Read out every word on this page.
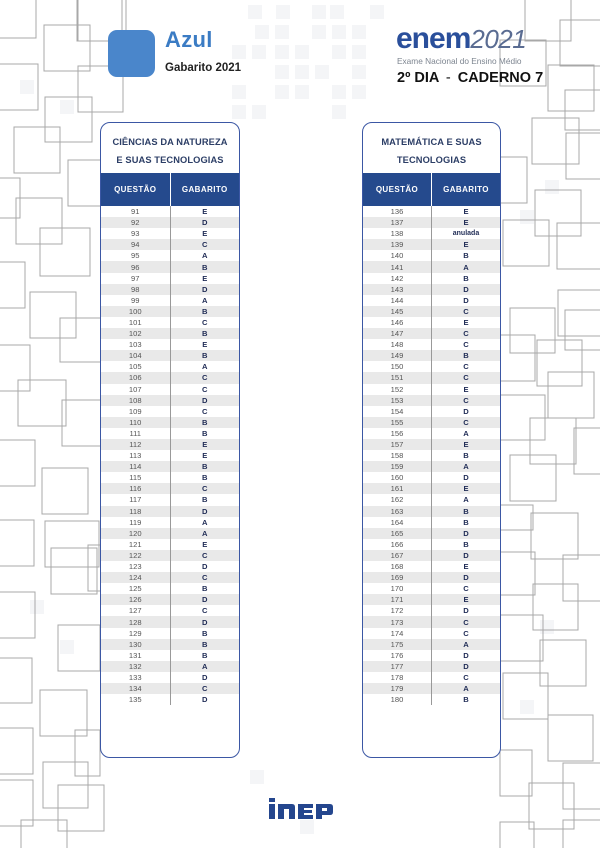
Azul
Gabarito 2021
enem2021
Exame Nacional do Ensino Médio
2º DIA - CADERNO 7
CIÊNCIAS DA NATUREZA
E SUAS TECNOLOGIAS
QUESTÃO	GABARITO
91	E
92	D
93	E
94	C
95	A
96	B
97	E
98	D
99	A
100	B
101	C
102	B
103	E
104	B
105	A
106	C
107	C
108	D
109	C
110	B
111	B
112	E
113	E
114	B
115	B
116	C
117	B
118	D
119	A
120	A
121	E
122	C
123	D
124	C
125	B
126	D
127	C
128	D
129	B
130	B
131	B
132	A
133	D
134	C
135	D
MATEMÁTICA E SUAS
TECNOLOGIAS
QUESTÃO	GABARITO
136	E
137	E
138	anulada
139	E
140	B
141	A
142	B
143	D
144	D
145	C
146	E
147	C
148	C
149	B
150	C
151	C
152	E
153	C
154	D
155	C
156	A
157	E
158	B
159	A
160	D
161	E
162	A
163	B
164	B
165	D
166	B
167	D
168	E
169	D
170	C
171	E
172	D
173	C
174	C
175	A
176	D
177	D
178	C
179	A
180	B
